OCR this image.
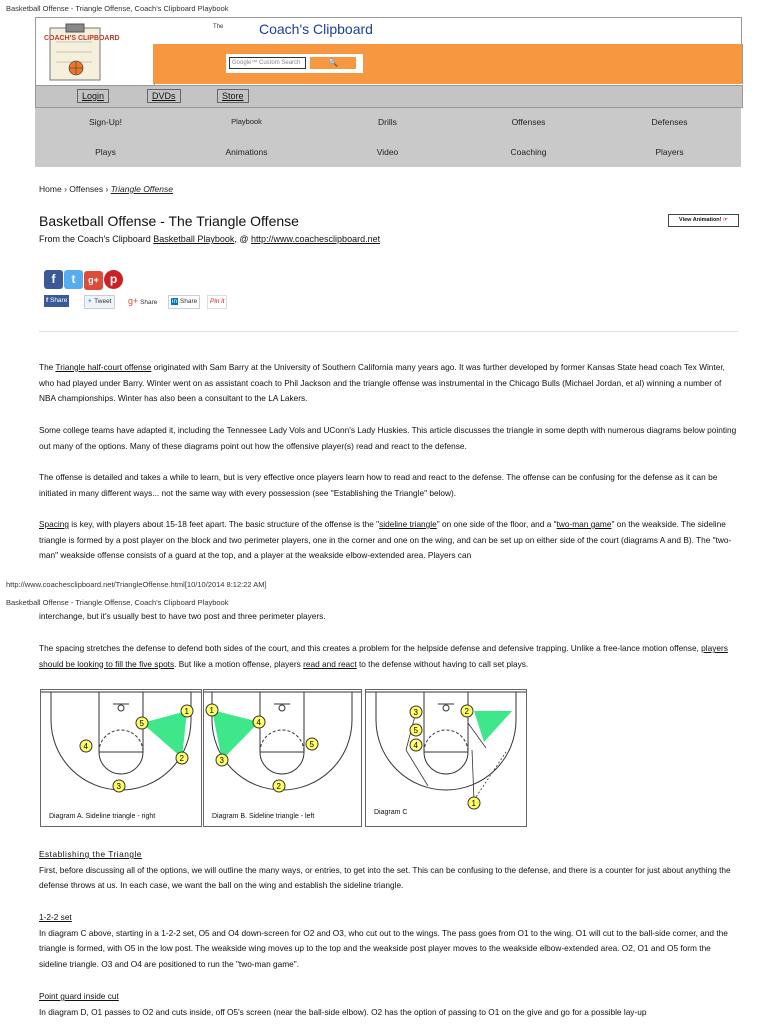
Basketball Offense - Triangle Offense, Coach's Clipboard Playbook
COACH'S CLIPBOARD
The	Coach's Clipboard
Google™ Custom Search	🔍
Login	DVDs	Store
Sign-Up!	Playbook	Drills	Offenses	Defenses
Plays	Animations	Video	Coaching	Players
Home › Offenses › Triangle Offense
Basketball Offense - The Triangle Offense	View Animation! ☞
From the Coach's Clipboard Basketball Playbook, @ http://www.coachesclipboard.net
f t g+ p
f Share	✦ Tweet	g+ Share	in Share	Pin it
The Triangle half-court offense originated with Sam Barry at the University of Southern California many years ago. It was further developed by former Kansas State head coach Tex Winter, who had played under Barry. Winter went on as assistant coach to Phil Jackson and the triangle offense was instrumental in the Chicago Bulls (Michael Jordan, et al) winning a number of NBA championships. Winter has also been a consultant to the LA Lakers.
Some college teams have adapted it, including the Tennessee Lady Vols and UConn's Lady Huskies. This article discusses the triangle in some depth with numerous diagrams below pointing out many of the options. Many of these diagrams point out how the offensive player(s) read and react to the defense.
The offense is detailed and takes a while to learn, but is very effective once players learn how to read and react to the defense. The offense can be confusing for the defense as it can be initiated in many different ways... not the same way with every possession (see "Establishing the Triangle" below).
Spacing is key, with players about 15-18 feet apart. The basic structure of the offense is the "sideline triangle" on one side of the floor, and a "two-man game" on the weakside. The sideline triangle is formed by a post player on the block and two perimeter players, one in the corner and one on the wing, and can be set up on either side of the court (diagrams A and B). The "two-man" weakside offense consists of a guard at the top, and a player at the weakside elbow-extended area. Players can
http://www.coachesclipboard.net/TriangleOffense.html[10/10/2014 8:12:22 AM]
Basketball Offense - Triangle Offense, Coach's Clipboard Playbook
interchange, but it's usually best to have two post and three perimeter players.
The spacing stretches the defense to defend both sides of the court, and this creates a problem for the helpside defense and defensive trapping. Unlike a free-lance motion offense, players should be looking to fill the five spots. But like a motion offense, players read and react to the defense without having to call set plays.
1
5
2
4
3
Diagram A. Sideline triangle - right
1
4
3
5
2
Diagram B. Sideline triangle - left
3
5
4
2
1
Diagram C
Establishing the Triangle
First, before discussing all of the options, we will outline the many ways, or entries, to get into the set. This can be confusing to the defense, and there is a counter for just about anything the defense throws at us. In each case, we want the ball on the wing and establish the sideline triangle.
1-2-2 set
In diagram C above, starting in a 1-2-2 set, O5 and O4 down-screen for O2 and O3, who cut out to the wings. The pass goes from O1 to the wing. O1 will cut to the ball-side corner, and the triangle is formed, with O5 in the low post. The weakside wing moves up to the top and the weakside post player moves to the weakside elbow-extended area. O2, O1 and O5 form the sideline triangle. O3 and O4 are positioned to run the "two-man game".
Point guard inside cut
In diagram D, O1 passes to O2 and cuts inside, off O5's screen (near the ball-side elbow). O2 has the option of passing to O1 on the give and go for a possible lay-up
